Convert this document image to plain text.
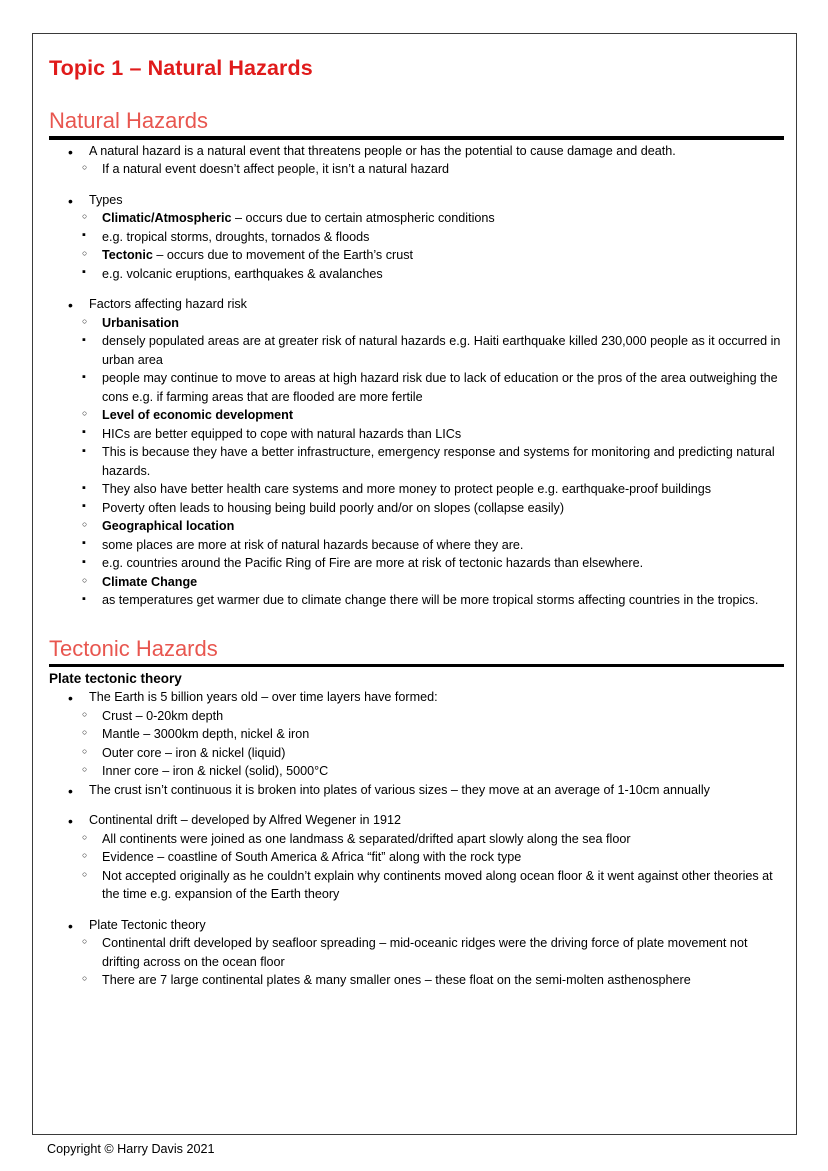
Topic 1 – Natural Hazards
Natural Hazards
• A natural hazard is a natural event that threatens people or has the potential to cause damage and death.
○ If a natural event doesn’t affect people, it isn’t a natural hazard
• Types
○ Climatic/Atmospheric – occurs due to certain atmospheric conditions
▪ e.g. tropical storms, droughts, tornados & floods
○ Tectonic – occurs due to movement of the Earth’s crust
▪ e.g. volcanic eruptions, earthquakes & avalanches
• Factors affecting hazard risk
○ Urbanisation
▪ densely populated areas are at greater risk of natural hazards e.g. Haiti earthquake killed 230,000 people as it occurred in urban area
▪ people may continue to move to areas at high hazard risk due to lack of education or the pros of the area outweighing the cons e.g. if farming areas that are flooded are more fertile
○ Level of economic development
▪ HICs are better equipped to cope with natural hazards than LICs
▪ This is because they have a better infrastructure, emergency response and systems for monitoring and predicting natural hazards.
▪ They also have better health care systems and more money to protect people e.g. earthquake-proof buildings
▪ Poverty often leads to housing being build poorly and/or on slopes (collapse easily)
○ Geographical location
▪ some places are more at risk of natural hazards because of where they are.
▪ e.g. countries around the Pacific Ring of Fire are more at risk of tectonic hazards than elsewhere.
○ Climate Change
▪ as temperatures get warmer due to climate change there will be more tropical storms affecting countries in the tropics.
Tectonic Hazards
Plate tectonic theory
• The Earth is 5 billion years old – over time layers have formed:
○ Crust – 0-20km depth
○ Mantle – 3000km depth, nickel & iron
○ Outer core – iron & nickel (liquid)
○ Inner core – iron & nickel (solid), 5000°C
• The crust isn’t continuous it is broken into plates of various sizes – they move at an average of 1-10cm annually
• Continental drift – developed by Alfred Wegener in 1912
○ All continents were joined as one landmass & separated/drifted apart slowly along the sea floor
○ Evidence – coastline of South America & Africa “fit” along with the rock type
○ Not accepted originally as he couldn’t explain why continents moved along ocean floor & it went against other theories at the time e.g. expansion of the Earth theory
• Plate Tectonic theory
○ Continental drift developed by seafloor spreading – mid-oceanic ridges were the driving force of plate movement not drifting across on the ocean floor
○ There are 7 large continental plates & many smaller ones – these float on the semi-molten asthenosphere
Copyright © Harry Davis 2021
